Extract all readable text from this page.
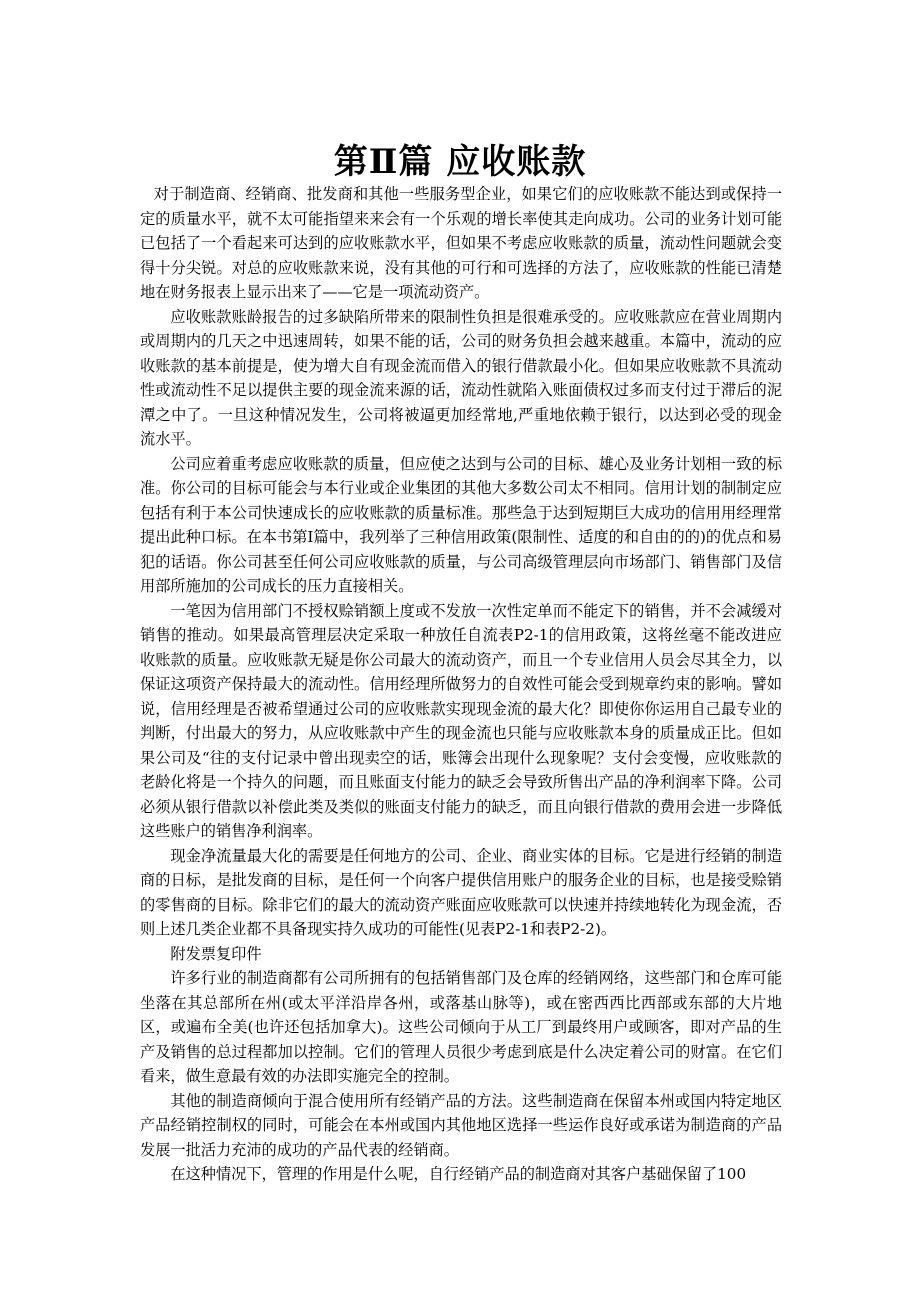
第Ⅱ篇 应收账款

对于制造商、经销商、批发商和其他一些服务型企业，如果它们的应收账款不能达到或保持一定的质量水平，就不太可能指望来来会有一个乐观的增长率使其走向成功。公司的业务计划可能已包括了一个看起来可达到的应收账款水平，但如果不考虑应收账款的质量，流动性问题就会变得十分尖锐。对总的应收账款来说，没有其他的可行和可选择的方法了，应收账款的性能已清楚地在财务报表上显示出来了——它是一项流动资产。

应收账款账龄报告的过多缺陷所带来的限制性负担是很难承受的。应收账款应在营业周期内或周期内的几天之中迅速周转，如果不能的话，公司的财务负担会越来越重。本篇中，流动的应收账款的基本前提是，使为增大自有现金流而借入的银行借款最小化。但如果应收账款不具流动性或流动性不足以提供主要的现金流来源的话，流动性就陷入账面债权过多而支付过于滞后的泥潭之中了。一旦这种情况发生，公司将被逼更加经常地,严重地依赖于银行，以达到必受的现金流水平。

公司应着重考虑应收账款的质量，但应使之达到与公司的目标、雄心及业务计划相一致的标准。你公司的目标可能会与本行业或企业集团的其他大多数公司太不相同。信用计划的制制定应包括有利于本公司快速成长的应收账款的质量标准。那些急于达到短期巨大成功的信用用经理常提出此种口标。在本书第Ⅰ篇中，我列举了三种信用政策(限制性、适度的和自由的的)的优点和易犯的话语。你公司甚至任何公司应收账款的质量，与公司高级管理层向市场部门、销售部门及信用部所施加的公司成长的压力直接相关。

一笔因为信用部门不授权赊销额上度或不发放一次性定单而不能定下的销售，并不会减缓对销售的推动。如果最高管理层决定采取一种放任自流表P2-1的信用政策，这将丝毫不能改进应收账款的质量。应收账款无疑是你公司最大的流动资产，而且一个专业信用人员会尽其全力，以保证这项资产保持最大的流动性。信用经理所做努力的自效性可能会受到规章约束的影响。譬如说，信用经理是否被希望通过公司的应收账款实现现金流的最大化？即使你你运用自己最专业的判断，付出最大的努力，从应收账款中产生的现金流也只能与应收账款本身的质量成正比。但如果公司及“往的支付记录中曾出现卖空的话，账簿会出现什么现象呢？支付会变慢，应收账款的老龄化将是一个持久的问题，而且账面支付能力的缺乏会导致所售出产品的净利润率下降。公司必须从银行借款以补偿此类及类似的账面支付能力的缺乏，而且向银行借款的费用会进一步降低这些账户的销售净利润率。

现金净流量最大化的需要是任何地方的公司、企业、商业实体的目标。它是进行经销的制造商的日标，是批发商的目标，是任何一个向客户提供信用账户的服务企业的目标，也是接受赊销的零售商的目标。除非它们的最大的流动资产账面应收账款可以快速并持续地转化为现金流，否则上述几类企业都不具备现实持久成功的可能性(见表P2-1和表P2-2)。

附发票复印件

许多行业的制造商都有公司所拥有的包括销售部门及仓库的经销网络，这些部门和仓库可能坐落在其总部所在州(或太平洋沿岸各州，或落基山脉等)，或在密西西比西部或东部的大片地区，或遍布全美(也许还包括加拿大)。这些公司倾向于从工厂到最终用户或顾客，即对产品的生产及销售的总过程都加以控制。它们的管理人员很少考虑到底是什么决定着公司的财富。在它们看来，做生意最有效的办法即实施完全的控制。

其他的制造商倾向于混合使用所有经销产品的方法。这些制造商在保留本州或国内特定地区产品经销控制权的同时，可能会在本州或国内其他地区选择一些运作良好或承诺为制造商的产品发展一批活力充沛的成功的产品代表的经销商。

在这种情况下，管理的作用是什么呢，自行经销产品的制造商对其客户基础保留了100
